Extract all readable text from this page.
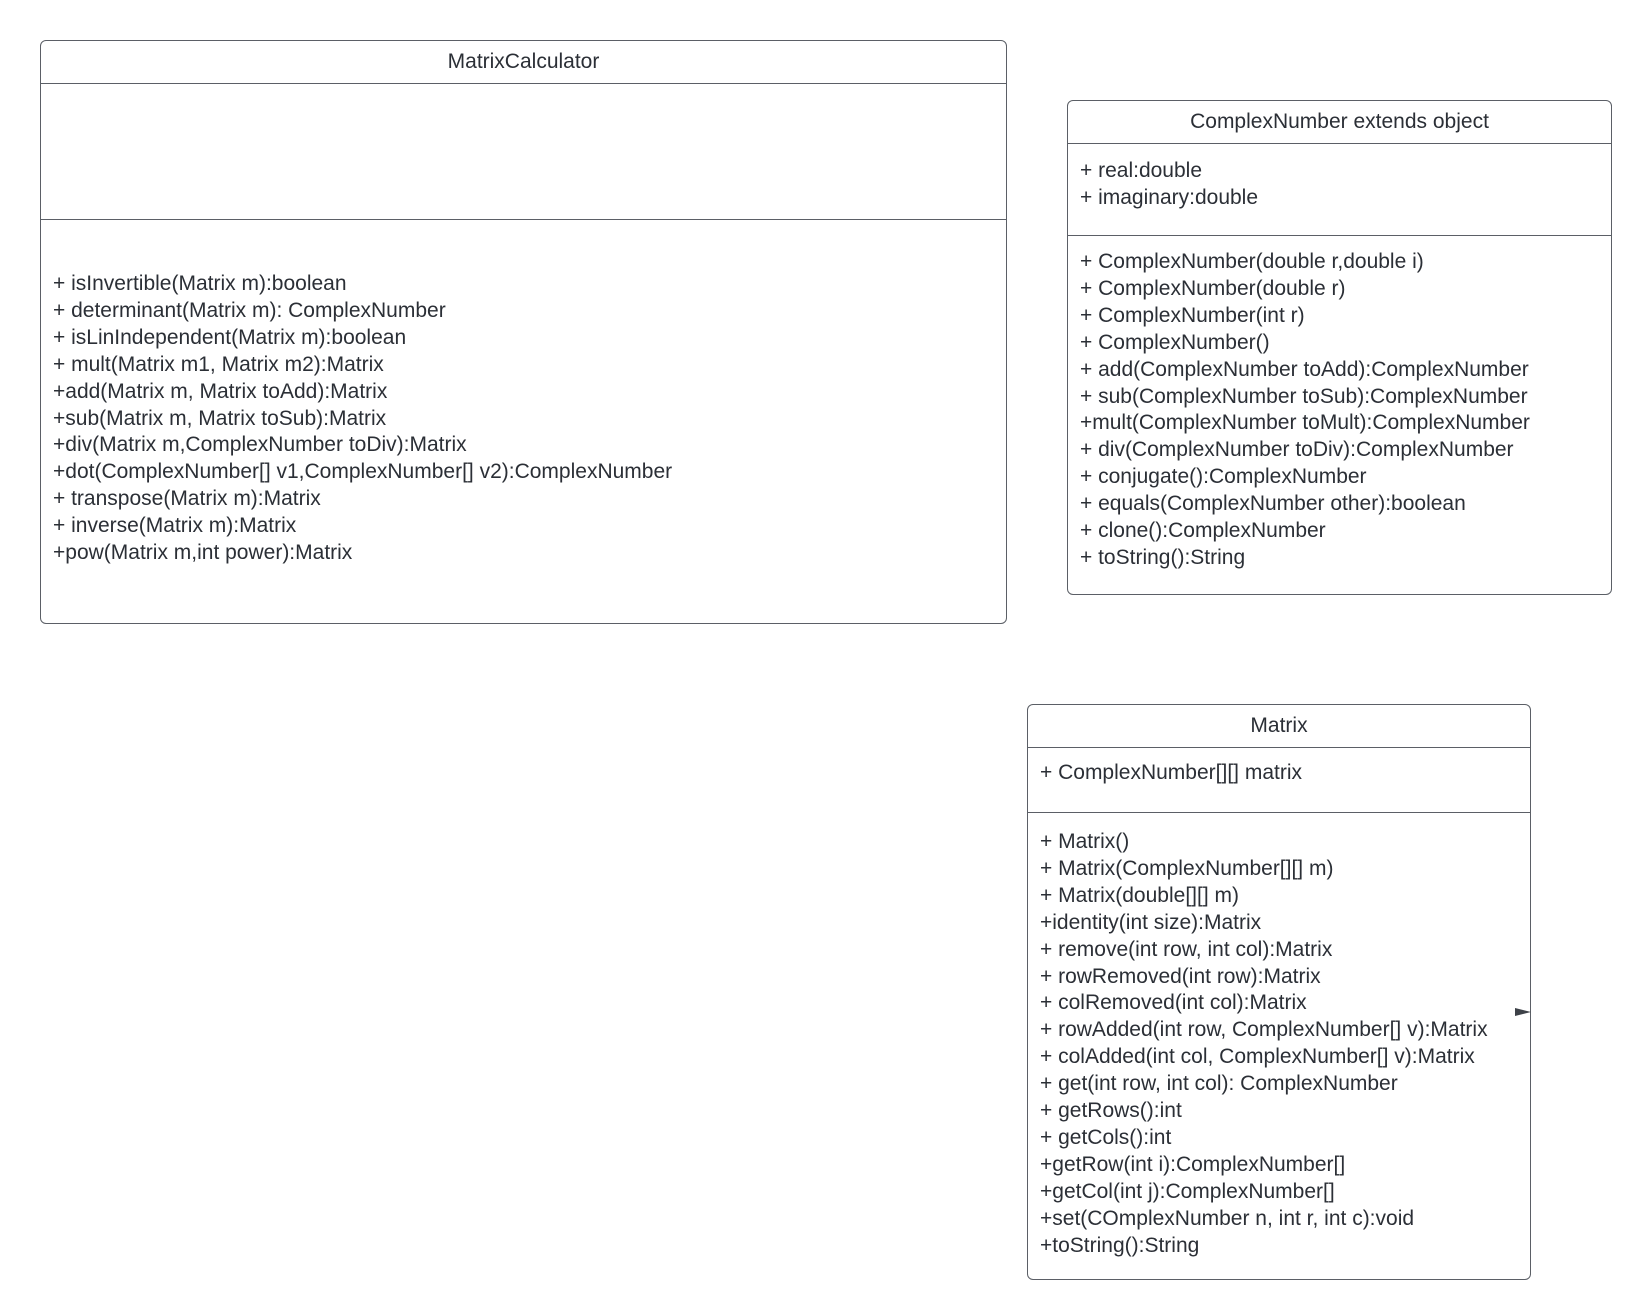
MatrixCalculator
+ isInvertible(Matrix m):boolean
+ determinant(Matrix m): ComplexNumber
+ isLinIndependent(Matrix m):boolean
+ mult(Matrix m1, Matrix m2):Matrix
+add(Matrix m, Matrix toAdd):Matrix
+sub(Matrix m, Matrix toSub):Matrix
+div(Matrix m,ComplexNumber toDiv):Matrix
+dot(ComplexNumber[] v1,ComplexNumber[] v2):ComplexNumber
+ transpose(Matrix m):Matrix
+ inverse(Matrix m):Matrix
+pow(Matrix m,int power):Matrix
ComplexNumber extends object
+ real:double
+ imaginary:double
+ ComplexNumber(double r,double i)
+ ComplexNumber(double r)
+ ComplexNumber(int r)
+ ComplexNumber()
+ add(ComplexNumber toAdd):ComplexNumber
+ sub(ComplexNumber toSub):ComplexNumber
+mult(ComplexNumber toMult):ComplexNumber
+ div(ComplexNumber toDiv):ComplexNumber
+ conjugate():ComplexNumber
+ equals(ComplexNumber other):boolean
+ clone():ComplexNumber
+ toString():String
Matrix
+ ComplexNumber[][] matrix
+ Matrix()
+ Matrix(ComplexNumber[][] m)
+ Matrix(double[][] m)
+identity(int size):Matrix
+ remove(int row, int col):Matrix
+ rowRemoved(int row):Matrix
+ colRemoved(int col):Matrix
+ rowAdded(int row, ComplexNumber[] v):Matrix
+ colAdded(int col, ComplexNumber[] v):Matrix
+ get(int row, int col): ComplexNumber
+ getRows():int
+ getCols():int
+getRow(int i):ComplexNumber[]
+getCol(int j):ComplexNumber[]
+set(COmplexNumber n, int r, int c):void
+toString():String
